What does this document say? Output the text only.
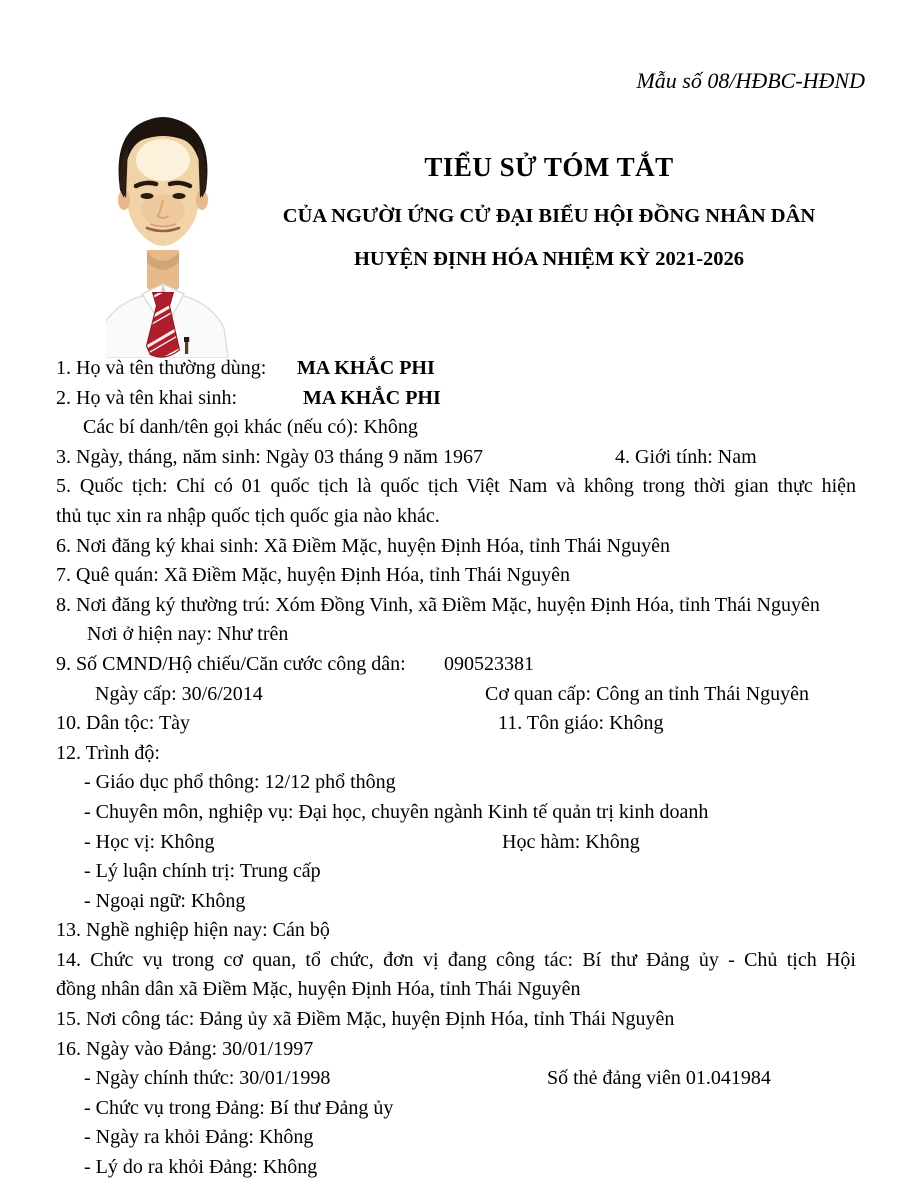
Mẫu số 08/HĐBC-HĐND
TIỂU SỬ TÓM TẮT
CỦA NGƯỜI ỨNG CỬ ĐẠI BIỂU HỘI ĐỒNG NHÂN DÂN
HUYỆN ĐỊNH HÓA NHIỆM KỲ 2021-2026
1. Họ và tên thường dùng: MA KHẮC PHI
2. Họ và tên khai sinh:	MA KHẮC PHI
Các bí danh/tên gọi khác (nếu có): Không
3. Ngày, tháng, năm sinh: Ngày 03 tháng 9 năm 1967	4. Giới tính: Nam
5. Quốc tịch: Chỉ có 01 quốc tịch là quốc tịch Việt Nam và không trong thời gian thực hiện
thủ tục xin ra nhập quốc tịch quốc gia nào khác.
6. Nơi đăng ký khai sinh: Xã Điềm Mặc, huyện Định Hóa, tỉnh Thái Nguyên
7. Quê quán: Xã Điềm Mặc, huyện Định Hóa, tỉnh Thái Nguyên
8. Nơi đăng ký thường trú: Xóm Đồng Vinh, xã Điềm Mặc, huyện Định Hóa, tỉnh Thái Nguyên
Nơi ở hiện nay: Như trên
9. Số CMND/Hộ chiếu/Căn cước công dân: 090523381
Ngày cấp: 30/6/2014	Cơ quan cấp: Công an tỉnh Thái Nguyên
10. Dân tộc: Tày	11. Tôn giáo: Không
12. Trình độ:
- Giáo dục phổ thông: 12/12 phổ thông
- Chuyên môn, nghiệp vụ: Đại học, chuyên ngành Kinh tế quản trị kinh doanh
- Học vị: Không	Học hàm: Không
- Lý luận chính trị: Trung cấp
- Ngoại ngữ: Không
13. Nghề nghiệp hiện nay: Cán bộ
14. Chức vụ trong cơ quan, tổ chức, đơn vị đang công tác: Bí thư Đảng ủy - Chủ tịch Hội
đồng nhân dân xã Điềm Mặc, huyện Định Hóa, tỉnh Thái Nguyên
15. Nơi công tác: Đảng ủy xã Điềm Mặc, huyện Định Hóa, tỉnh Thái Nguyên
16. Ngày vào Đảng: 30/01/1997
- Ngày chính thức: 30/01/1998	Số thẻ đảng viên 01.041984
- Chức vụ trong Đảng: Bí thư Đảng ủy
- Ngày ra khỏi Đảng: Không
- Lý do ra khỏi Đảng: Không
